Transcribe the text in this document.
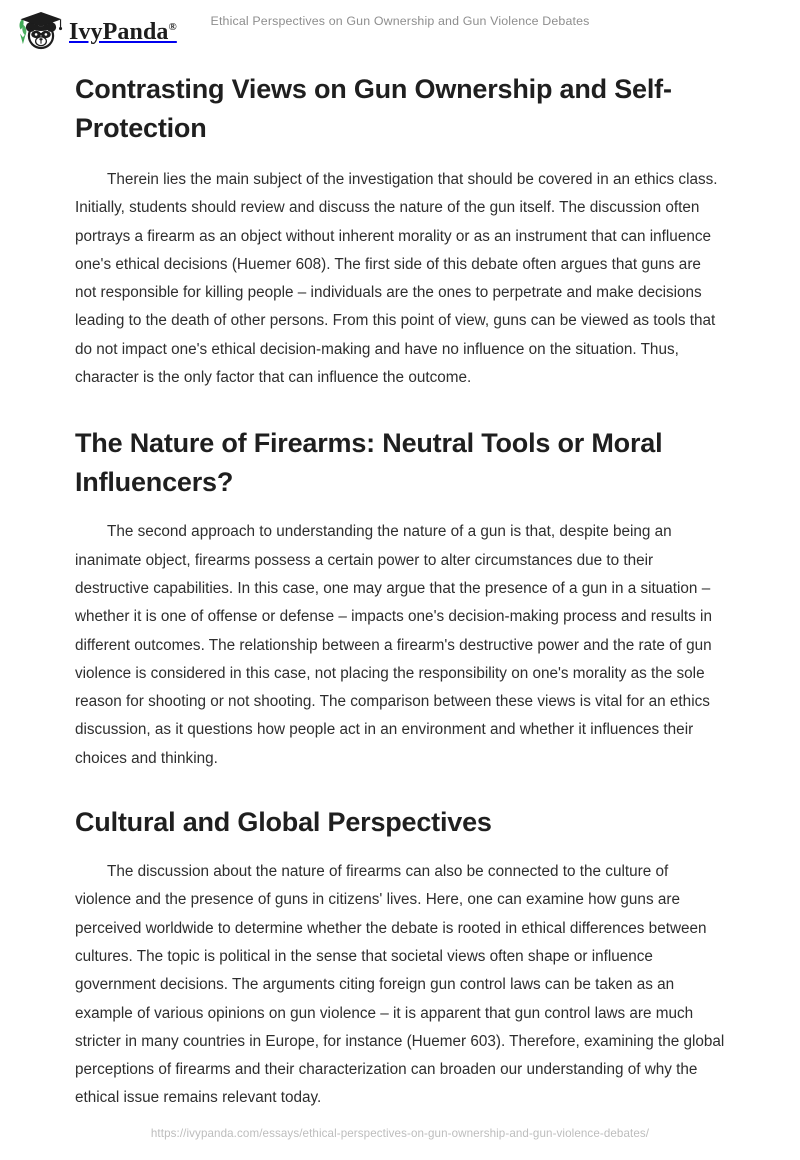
IvyPanda®	Ethical Perspectives on Gun Ownership and Gun Violence Debates
Contrasting Views on Gun Ownership and Self-Protection

Therein lies the main subject of the investigation that should be covered in an ethics class. Initially, students should review and discuss the nature of the gun itself. The discussion often portrays a firearm as an object without inherent morality or as an instrument that can influence one's ethical decisions (Huemer 608). The first side of this debate often argues that guns are not responsible for killing people – individuals are the ones to perpetrate and make decisions leading to the death of other persons. From this point of view, guns can be viewed as tools that do not impact one's ethical decision-making and have no influence on the situation. Thus, character is the only factor that can influence the outcome.

The Nature of Firearms: Neutral Tools or Moral Influencers?

The second approach to understanding the nature of a gun is that, despite being an inanimate object, firearms possess a certain power to alter circumstances due to their destructive capabilities. In this case, one may argue that the presence of a gun in a situation – whether it is one of offense or defense – impacts one's decision-making process and results in different outcomes. The relationship between a firearm's destructive power and the rate of gun violence is considered in this case, not placing the responsibility on one's morality as the sole reason for shooting or not shooting. The comparison between these views is vital for an ethics discussion, as it questions how people act in an environment and whether it influences their choices and thinking.

Cultural and Global Perspectives

The discussion about the nature of firearms can also be connected to the culture of violence and the presence of guns in citizens' lives. Here, one can examine how guns are perceived worldwide to determine whether the debate is rooted in ethical differences between cultures. The topic is political in the sense that societal views often shape or influence government decisions. The arguments citing foreign gun control laws can be taken as an example of various opinions on gun violence – it is apparent that gun control laws are much stricter in many countries in Europe, for instance (Huemer 603). Therefore, examining the global perceptions of firearms and their characterization can broaden our understanding of why the ethical issue remains relevant today.

https://ivypanda.com/essays/ethical-perspectives-on-gun-ownership-and-gun-violence-debates/
